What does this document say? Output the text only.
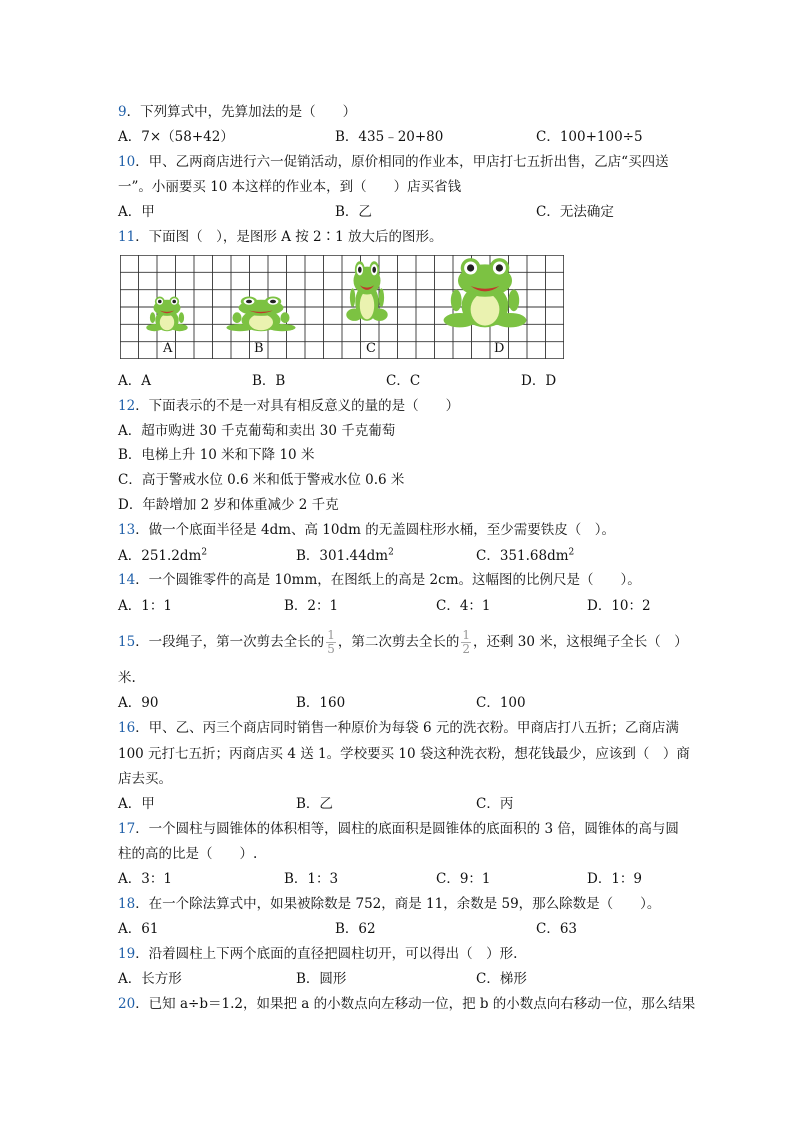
9．下列算式中，先算加法的是（　　）
A．7×（58+42）	B．435﹣20+80	C．100+100÷5
10．甲、乙两商店进行六一促销活动，原价相同的作业本，甲店打七五折出售，乙店“买四送
一”。小丽要买 10 本这样的作业本，到（　　）店买省钱
A．甲	B．乙	C．无法确定
11．下面图（　），是图形 A 按 2∶1 放大后的图形。
A	B	C	D
A．A	B．B	C．C	D．D
12．下面表示的不是一对具有相反意义的量的是（　　）
A．超市购进 30 千克葡萄和卖出 30 千克葡萄
B．电梯上升 10 米和下降 10 米
C．高于警戒水位 0.6 米和低于警戒水位 0.6 米
D．年龄增加 2 岁和体重减少 2 千克
13．做一个底面半径是 4dm、高 10dm 的无盖圆柱形水桶，至少需要铁皮（　）。
A．$251.2dm^2$	B．$301.44dm^2$	C．$351.68dm^2$
14．一个圆锥零件的高是 10mm，在图纸上的高是 2cm。这幅图的比例尺是（　　）。
A．1：1	B．2：1	C．4：1	D．10：2
15．一段绳子，第一次剪去全长的 $\frac{1}{5}$ ，第二次剪去全长的 $\frac{1}{2}$ ，还剩 30 米，这根绳子全长（　）
米.
A．90	B．160	C．100
16．甲、乙、丙三个商店同时销售一种原价为每袋 6 元的洗衣粉。甲商店打八五折；乙商店满
100 元打七五折；丙商店买 4 送 1。学校要买 10 袋这种洗衣粉，想花钱最少，应该到（　）商
店去买。
A．甲	B．乙	C．丙
17．一个圆柱与圆锥体的体积相等，圆柱的底面积是圆锥体的底面积的 3 倍，圆锥体的高与圆
柱的高的比是（　　）.
A．3：1	B．1：3	C．9：1	D．1：9
18．在一个除法算式中，如果被除数是 752，商是 11，余数是 59，那么除数是（　　）。
A．61	B．62	C．63
19．沿着圆柱上下两个底面的直径把圆柱切开，可以得出（　）形.
A．长方形	B．圆形	C．梯形
20．已知 a÷b＝1.2，如果把 a 的小数点向左移动一位，把 b 的小数点向右移动一位，那么结果
